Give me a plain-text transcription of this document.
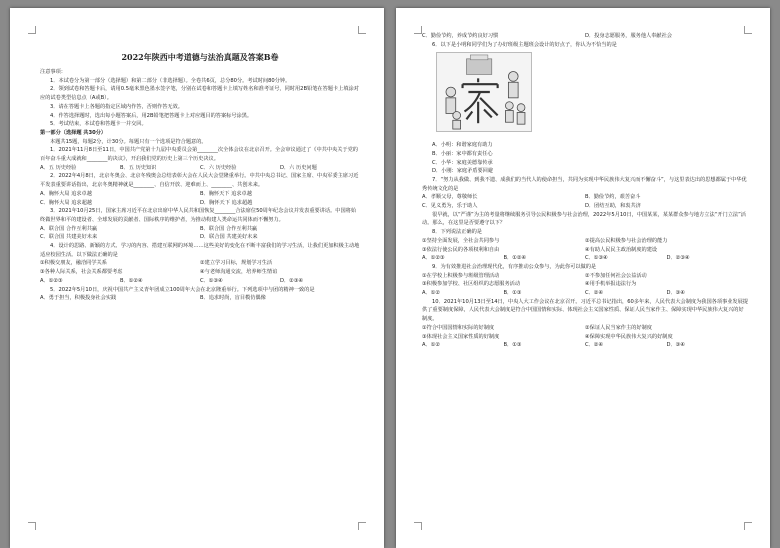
2022年陕西中考道德与法治真题及答案B卷

注意事项：

1．本试卷分为第一部分（选择题）和第二部分（非选择题）。全卷共6页，总分80分。考试时间80分钟。

2．领到试卷和答题卡后，请用0.5毫米黑色墨水签字笔，分别在试卷和答题卡上填写姓名和准考证号，同时用2B铅笔在答题卡上填涂对应的试卷类型信息点（A或B）。

3．请在答题卡上各题的指定区域内作答，否则作答无效。

4．作答选择题时，选出每小题答案后，用2B铅笔把答题卡上对应题目的答案标号涂黑。

5．考试结束，本试卷和答题卡一并交回。

第一部分（选择题 共30分）

本题共15题，每题2分，计30分。每题只有一个选项是符合题意的。

1．2021年11月8日至11日，中国共产党第十九届中央委员会第________次全体会议在北京召开。全会审议通过了《中共中央关于党的百年奋斗重大成就和________的决议》，开启我们党的历史上第三个历史决议。

A．五 历史经验	B．五 历史知识	C．六 历史经验	D．六 历史问题

2．2022年4月8日，北京冬奥会、北京冬残奥会总结表彰大会在人民大会堂隆重举行。中共中央总书记、国家主席、中央军委主席习近平发表重要讲话指出，北京冬奥精神就是________、自信开放、迎难而上、________、共创未来。

A．胸怀大局 追求卓越	B．胸怀天下 追求卓越
C．胸怀大局 追求超越	D．胸怀天下 追求超越

3．2021年10月25日，国家主席习近平在北京出席中华人民共和国恢复________合法席位50周年纪念会议并发表重要讲话。中国将始终做世界和平的建设者、全球发展的贡献者、国际秩序的维护者，为推动构建人类命运共同体而不懈努力。

A．联合国 合作互利共赢	B．联合国 合作互利共赢
C．联合国 共建美好未来	D．联合国 共建美好未来

4．设计的思路、新颖的方式、学习的内容、搭建互联网的环境……这些美好的变化在不断丰富我们的学习生活，让我们更加积极主动地适应校园生活。以下做法正确的是

①积极交朋友，融洽同学关系	②建立学习目标，规划学习生活
③各种人际关系，社会关系都要考虑	④与老师沟通交流，培养师生情谊
A．①②③	B．①②④	C．①③④	D．②③④

5．2022年5月10日，庆祝中国共产主义青年团成立100周年大会在北京隆重举行。下列选项中与团的精神一致的是

A．勇于担当，积极投身社会实践	B．追求时尚，盲目模仿偶像
C．勤俭节约，养成节约良好习惯	D．投身志愿服务，服务他人奉献社会

6．以下是小明和同学们为了办好班级主题班会设计的好点子，你认为不恰当的是

A．小明：和谐家庭有助力

B．小丽：家中都有责任心

C．小华：家庭美德靠传承

D．小刚：家庭矛盾要回避

7．“努力从我做、到我不遗、成我们的当代人的使命担当，共同为实现中华民族伟大复兴而不懈奋斗”，与这里表达出的思想都属于中华优秀传统文化的是

A．孝顺父母，尊敬师长	B．勤俭节约，艰苦奋斗
C．见义勇为，乐于助人	D．团结互助，和衷共济

很早就，以“严谨”为主的考量将继续服务引导公民积极参与社会治理，2022年5月10日，中国某某，某某群众参与地方立法“开门立法”活动。那么，在这里是否要遵守以下？

8．下列说法正确的是

①坚持全面发展，全社会共同参与	②提高公民积极参与社会治理的能力
③依法行使公民的各项权利和自由	④有助人民民主政治制度的建设
A．①②③	B．①②④	C．①③④	D．②③④

9．为有效推进社会治理现代化，有序推动公众参与，为此你可以做的是

①在学校上积极参与班级管理活动	②不参加任何社会公益活动
③积极参加学校、社区组织的志愿服务活动	④用手机举报违法行为
A．①②	B．①③	C．②④	D．③④

10．2021年10月13日至14日，中央人大工作会议在北京召开。习近平总书记指出，60多年来，人民代表大会制度为我国各项事业发展提供了重要制度保障，人民代表大会制度是符合中国国情和实际、体现社会主义国家性质、保证人民当家作主、保障实现中华民族伟大复兴的好制度。

①符合中国国情和实际的好制度	②保证人民当家作主的好制度
③体现社会主义国家性质的好制度	④保障实现中华民族伟大复兴的好制度
A．①②	B．①③	C．②④	D．③④
